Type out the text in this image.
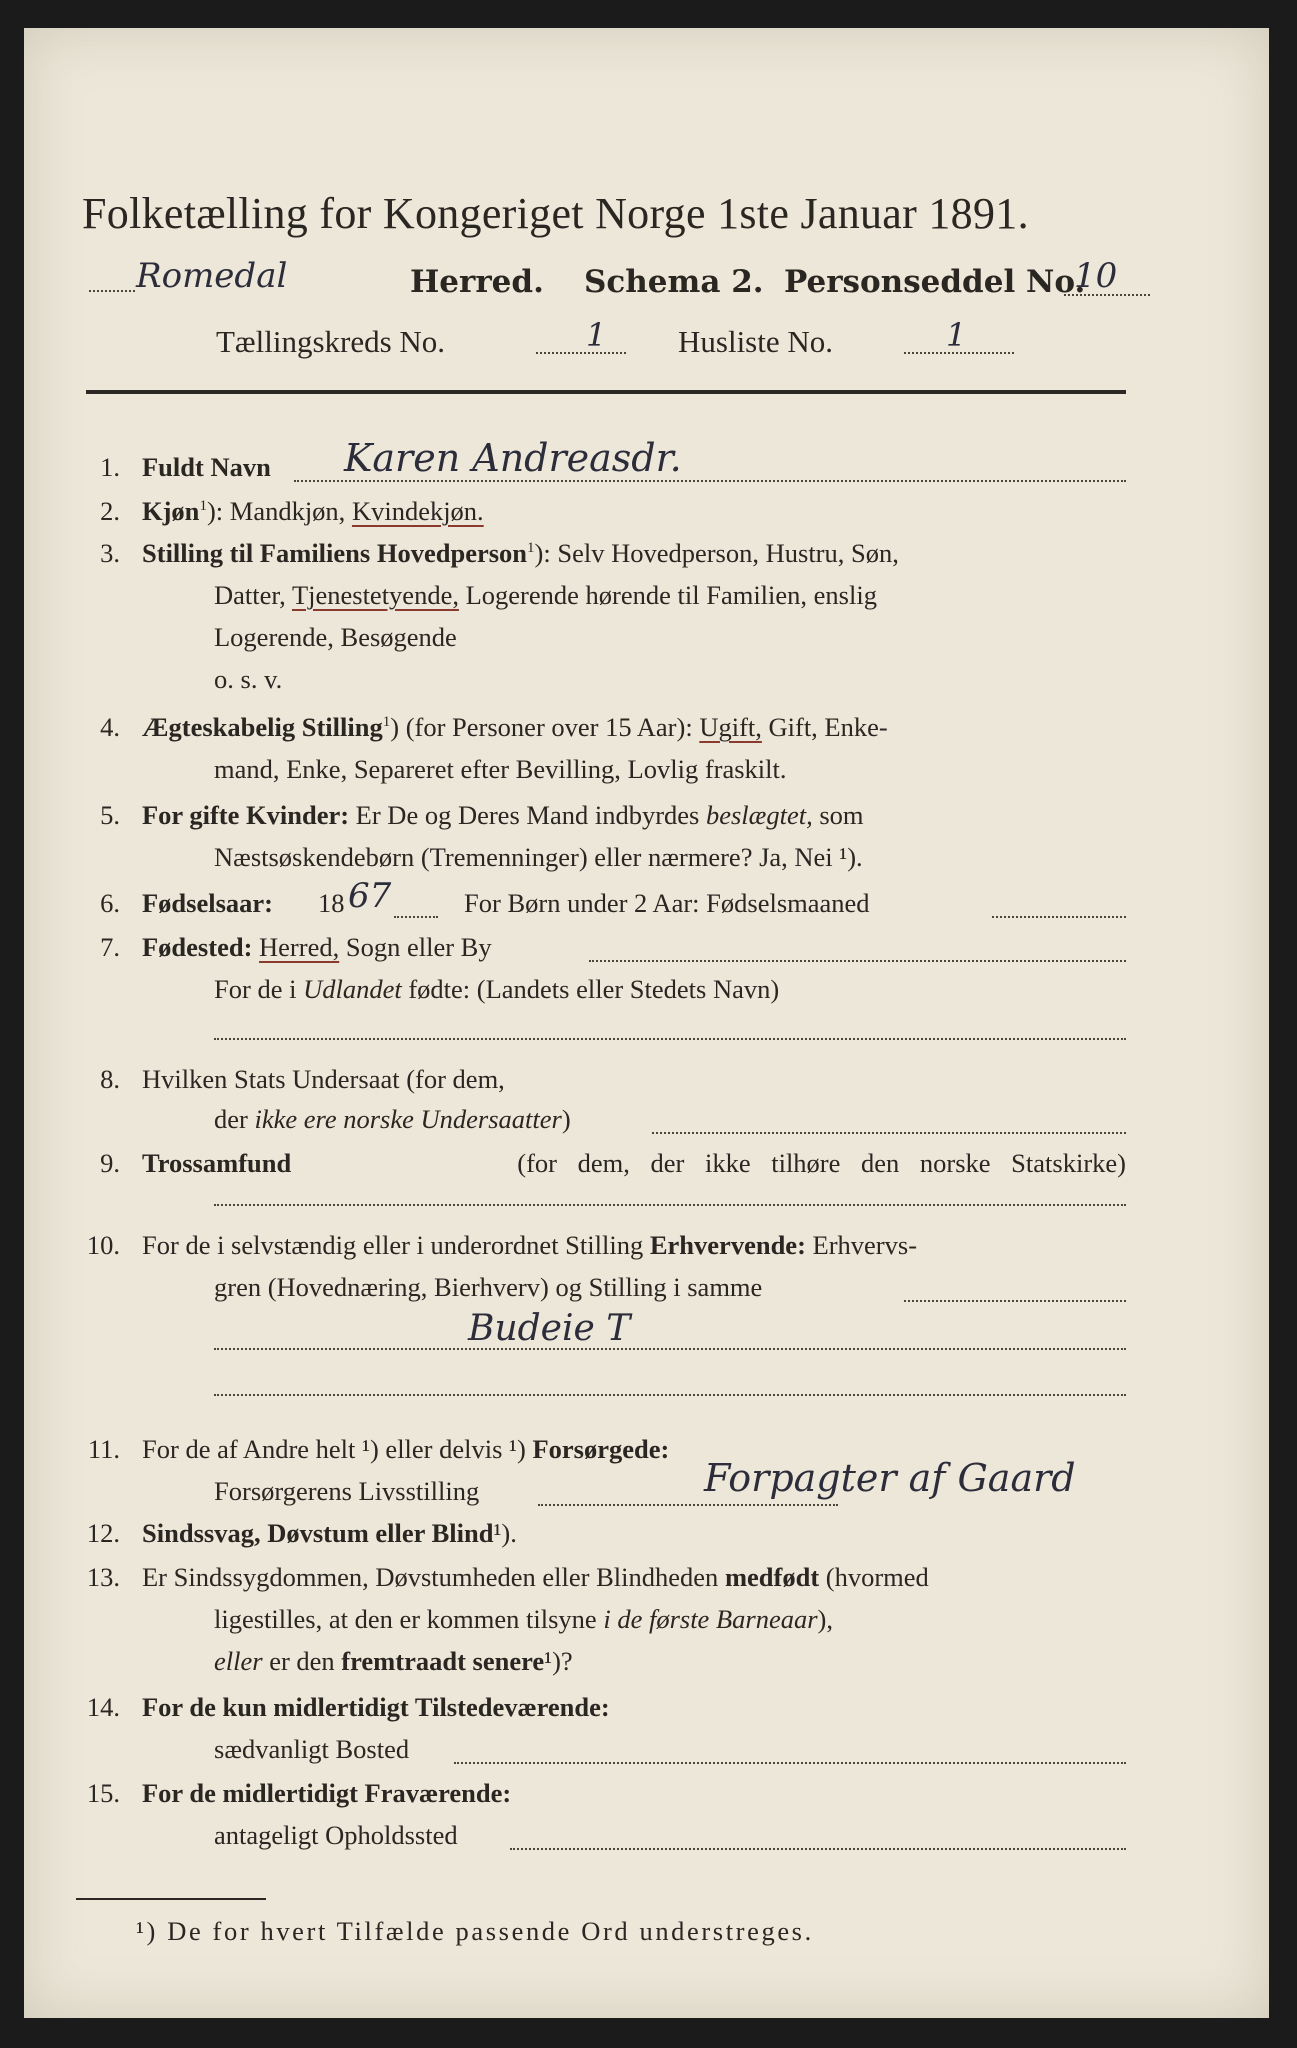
Folketælling for Kongeriget Norge 1ste Januar 1891.
Romedal	Herred. Schema 2. Personseddel No.
10
Tællingskreds No.	1 Husliste No.	1
1. Fuldt Navn Karen Andreasdr.
2. Kjøn$^1$): Mandkjøn, Kvindekjøn.
3. Stilling til Familiens Hovedperson$^1$): Selv Hovedperson, Hustru, Søn,
Datter, Tjenestetyende, Logerende hørende til Familien, enslig
Logerende, Besøgende
o. s. v.
4. Ægteskabelig Stilling$^1$) (for Personer over 15 Aar): Ugift, Gift, Enke-
mand, Enke, Separeret efter Bevilling, Lovlig fraskilt.
5. For gifte Kvinder: Er De og Deres Mand indbyrdes beslægtet, som
Næstsøskendebørn (Tremenninger) eller nærmere? Ja, Nei ¹).
6. Fødselsaar: 18 67	For Børn under 2 Aar: Fødselsmaaned
7. Fødested: Herred, Sogn eller By
For de i Udlandet fødte: (Landets eller Stedets Navn)
8. Hvilken Stats Undersaat (for dem,
der ikke ere norske Undersaatter)
9. Trossamfund	(for dem, der ikke tilhøre den norske Statskirke)
10. For de i selvstændig eller i underordnet Stilling Erhvervende: Erhvervs-
gren (Hovednæring, Bierhverv) og Stilling i samme
Budeie T
11. For de af Andre helt ¹) eller delvis ¹) Forsørgede:
Forsørgerens Livsstilling	Forpagter af Gaard
12. Sindssvag, Døvstum eller Blind¹).
13. Er Sindssygdommen, Døvstumheden eller Blindheden medfødt (hvormed
ligestilles, at den er kommen tilsyne i de første Barneaar),
eller er den fremtraadt senere¹)?
14. For de kun midlertidigt Tilstedeværende:
sædvanligt Bosted
15. For de midlertidigt Fraværende:
antageligt Opholdssted
¹) De for hvert Tilfælde passende Ord understreges.
